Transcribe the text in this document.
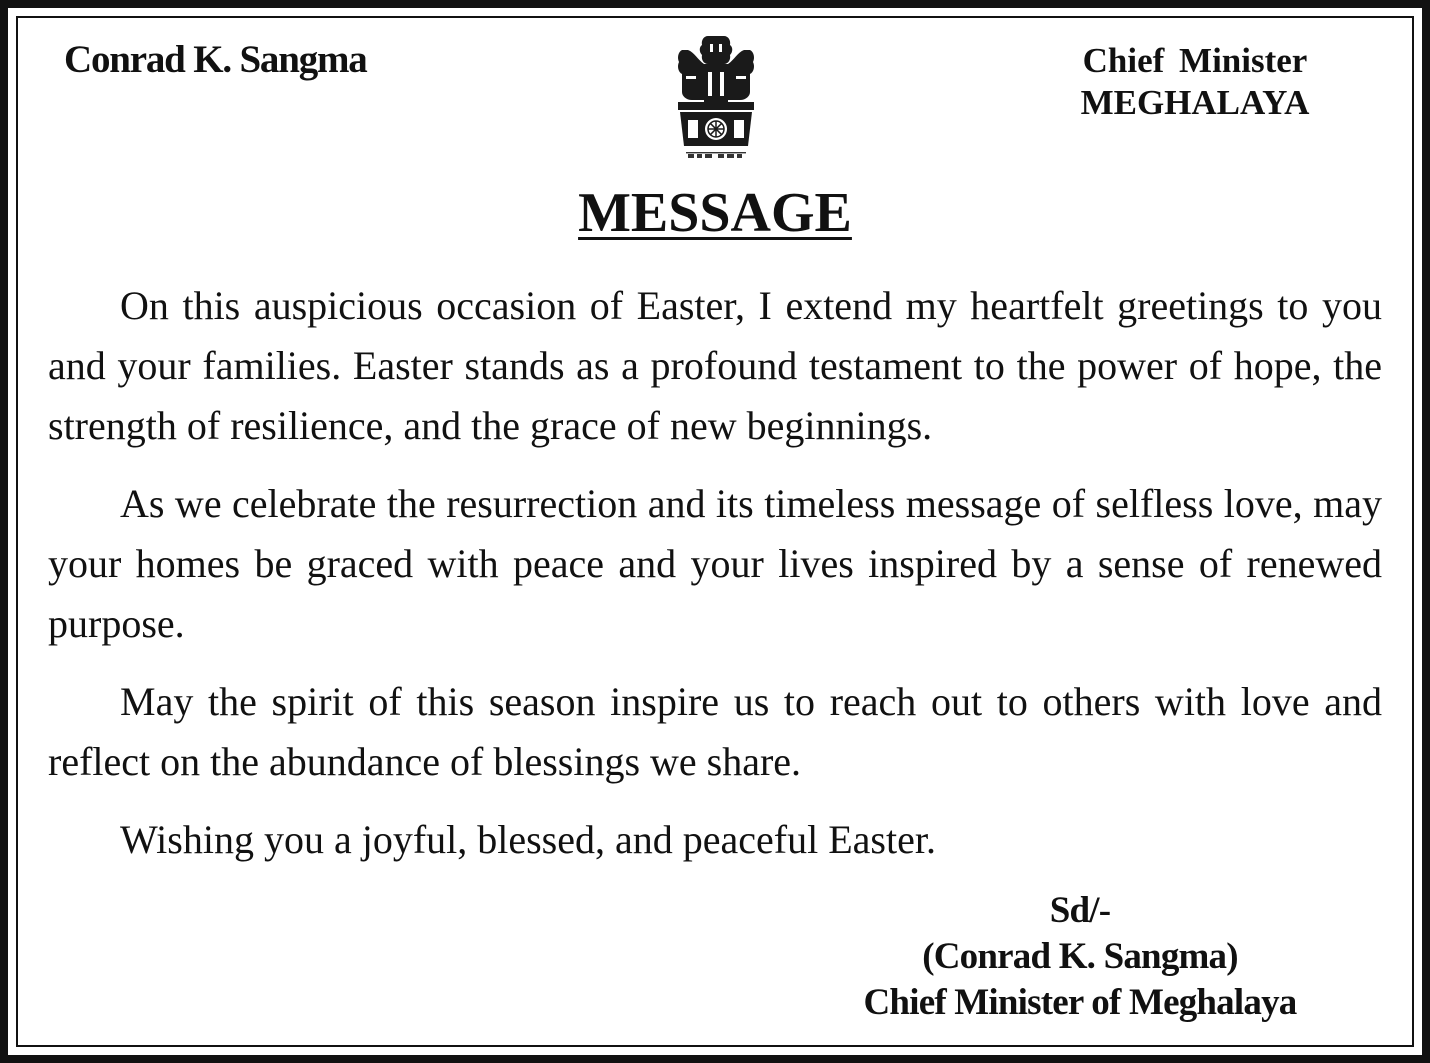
Conrad K. Sangma	Chief Minister
MEGHALAYA
MESSAGE

On this auspicious occasion of Easter, I extend my heartfelt greetings to you and your families. Easter stands as a profound testament to the power of hope, the strength of resilience, and the grace of new beginnings.

As we celebrate the resurrection and its timeless message of selfless love, may your homes be graced with peace and your lives inspired by a sense of renewed purpose.

May the spirit of this season inspire us to reach out to others with love and reflect on the abundance of blessings we share.

Wishing you a joyful, blessed, and peaceful Easter.

Sd/-
(Conrad K. Sangma)
Chief Minister of Meghalaya
